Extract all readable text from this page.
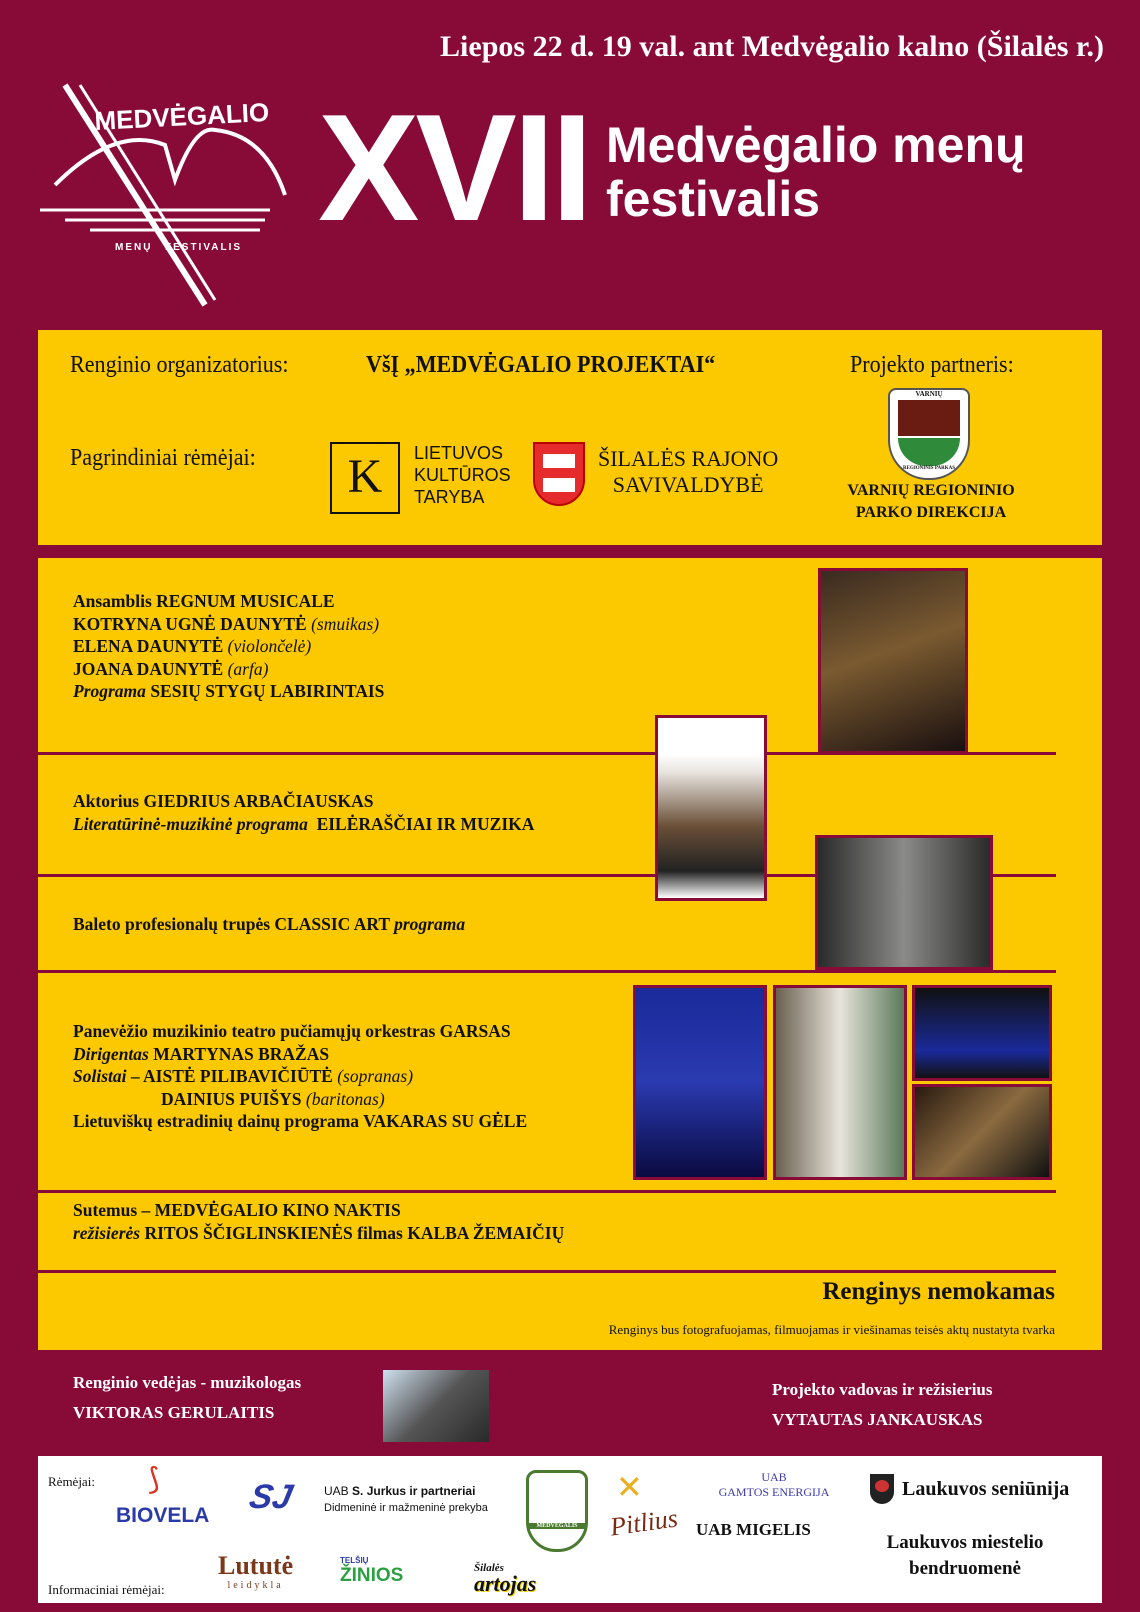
Liepos 22 d. 19 val. ant Medvėgalio kalno (Šilalės r.)
MEDVĖGALIO
MENŲ FESTIVALIS XVII Medvėgalio menų
festivalis
Renginio organizatorius:	VšĮ „MEDVĖGALIO PROJEKTAI“	Projekto partneris:
Pagrindiniai rėmėjai:	K	LIETUVOS
KULTŪROS
TARYBA
ŠILALĖS RAJONO
SAVIVALDYBĖ
VARNIŲ
REGIONINIS PARKAS
VARNIŲ REGIONINIO
PARKO DIREKCIJA
Ansamblis REGNUM MUSICALE
KOTRYNA UGNĖ DAUNYTĖ (smuikas)
ELENA DAUNYTĖ (violončelė)
JOANA DAUNYTĖ (arfa)
Programa SESIŲ STYGŲ LABIRINTAIS
Aktorius GIEDRIUS ARBAČIAUSKAS
Literatūrinė-muzikinė programa EILĖRAŠČIAI IR MUZIKA
Baleto profesionalų trupės CLASSIC ART programa
Panevėžio muzikinio teatro pučiamųjų orkestras GARSAS
Dirigentas MARTYNAS BRAŽAS
Solistai – AISTĖ PILIBAVIČIŪTĖ (sopranas)
DAINIUS PUIŠYS (baritonas)
Lietuviškų estradinių dainų programa VAKARAS SU GĖLE
Sutemus – MEDVĖGALIO KINO NAKTIS
režisierės RITOS ŠČIGLINSKIENĖS filmas KALBA ŽEMAIČIŲ
Renginys nemokamas
Renginys bus fotografuojamas, filmuojamas ir viešinamas teisės aktų nustatyta tvarka
Renginio vedėjas - muzikologas
VIKTORAS GERULAITIS
Projekto vadovas ir režisierius
VYTAUTAS JANKAUSKAS
Rėmėjai:
Informaciniai rėmėjai:
BIOVELA
⟆	SJ UAB S. Jurkus ir partneriai
Didmeninė ir mažmeninė prekyba
MEDVĖGALIS
✕
Pitlius
UAB
GAMTOS ENERGIJA
UAB MIGELIS
Laukuvos seniūnija
Laukuvos miestelio
bendruomenė
Lututė
leidykla
TELŠIŲ
ŽINIOS	Šilalės
artojas
